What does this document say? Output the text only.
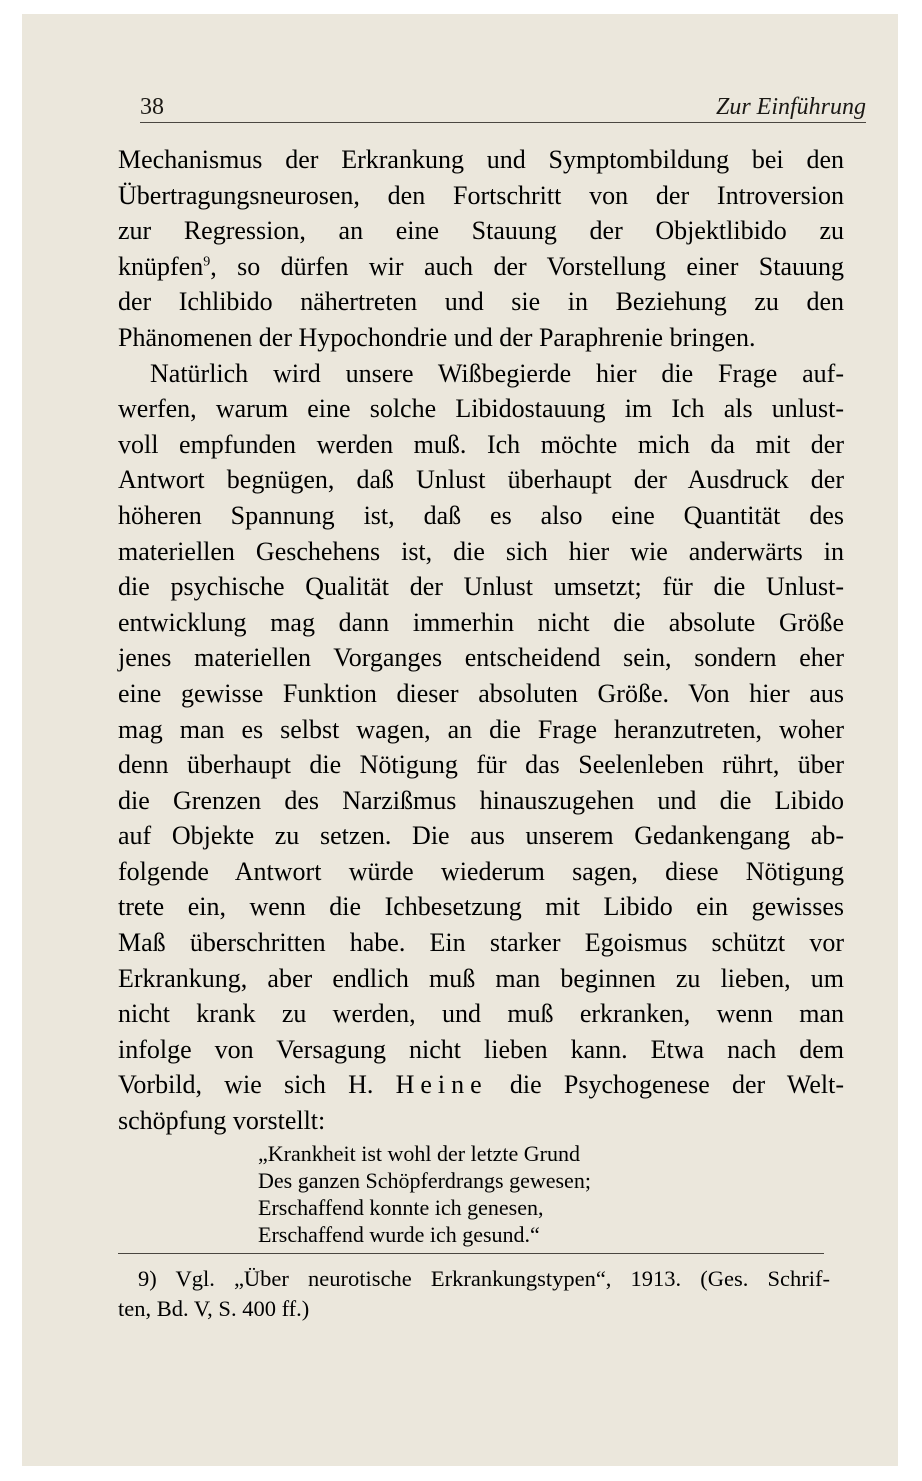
38	Zur Einführung
Mechanismus der Erkrankung und Symptombildung bei den
Übertragungsneurosen, den Fortschritt von der Introversion
zur Regression, an eine Stauung der Objektlibido zu
knüpfen$^9$, so dürfen wir auch der Vorstellung einer Stauung
der Ichlibido nähertreten und sie in Beziehung zu den
Phänomenen der Hypochondrie und der Paraphrenie bringen.
Natürlich wird unsere Wißbegierde hier die Frage auf-
werfen, warum eine solche Libidostauung im Ich als unlust-
voll empfunden werden muß. Ich möchte mich da mit der
Antwort begnügen, daß Unlust überhaupt der Ausdruck der
höheren Spannung ist, daß es also eine Quantität des
materiellen Geschehens ist, die sich hier wie anderwärts in
die psychische Qualität der Unlust umsetzt; für die Unlust-
entwicklung mag dann immerhin nicht die absolute Größe
jenes materiellen Vorganges entscheidend sein, sondern eher
eine gewisse Funktion dieser absoluten Größe. Von hier aus
mag man es selbst wagen, an die Frage heranzutreten, woher
denn überhaupt die Nötigung für das Seelenleben rührt, über
die Grenzen des Narzißmus hinauszugehen und die Libido
auf Objekte zu setzen. Die aus unserem Gedankengang ab-
folgende Antwort würde wiederum sagen, diese Nötigung
trete ein, wenn die Ichbesetzung mit Libido ein gewisses
Maß überschritten habe. Ein starker Egoismus schützt vor
Erkrankung, aber endlich muß man beginnen zu lieben, um
nicht krank zu werden, und muß erkranken, wenn man
infolge von Versagung nicht lieben kann. Etwa nach dem
Vorbild, wie sich H. Heine die Psychogenese der Welt-
schöpfung vorstellt:
„Krankheit ist wohl der letzte Grund
Des ganzen Schöpferdrangs gewesen;
Erschaffend konnte ich genesen,
Erschaffend wurde ich gesund.“
9) Vgl. „Über neurotische Erkrankungstypen“, 1913. (Ges. Schrif-
ten, Bd. V, S. 400 ff.)
